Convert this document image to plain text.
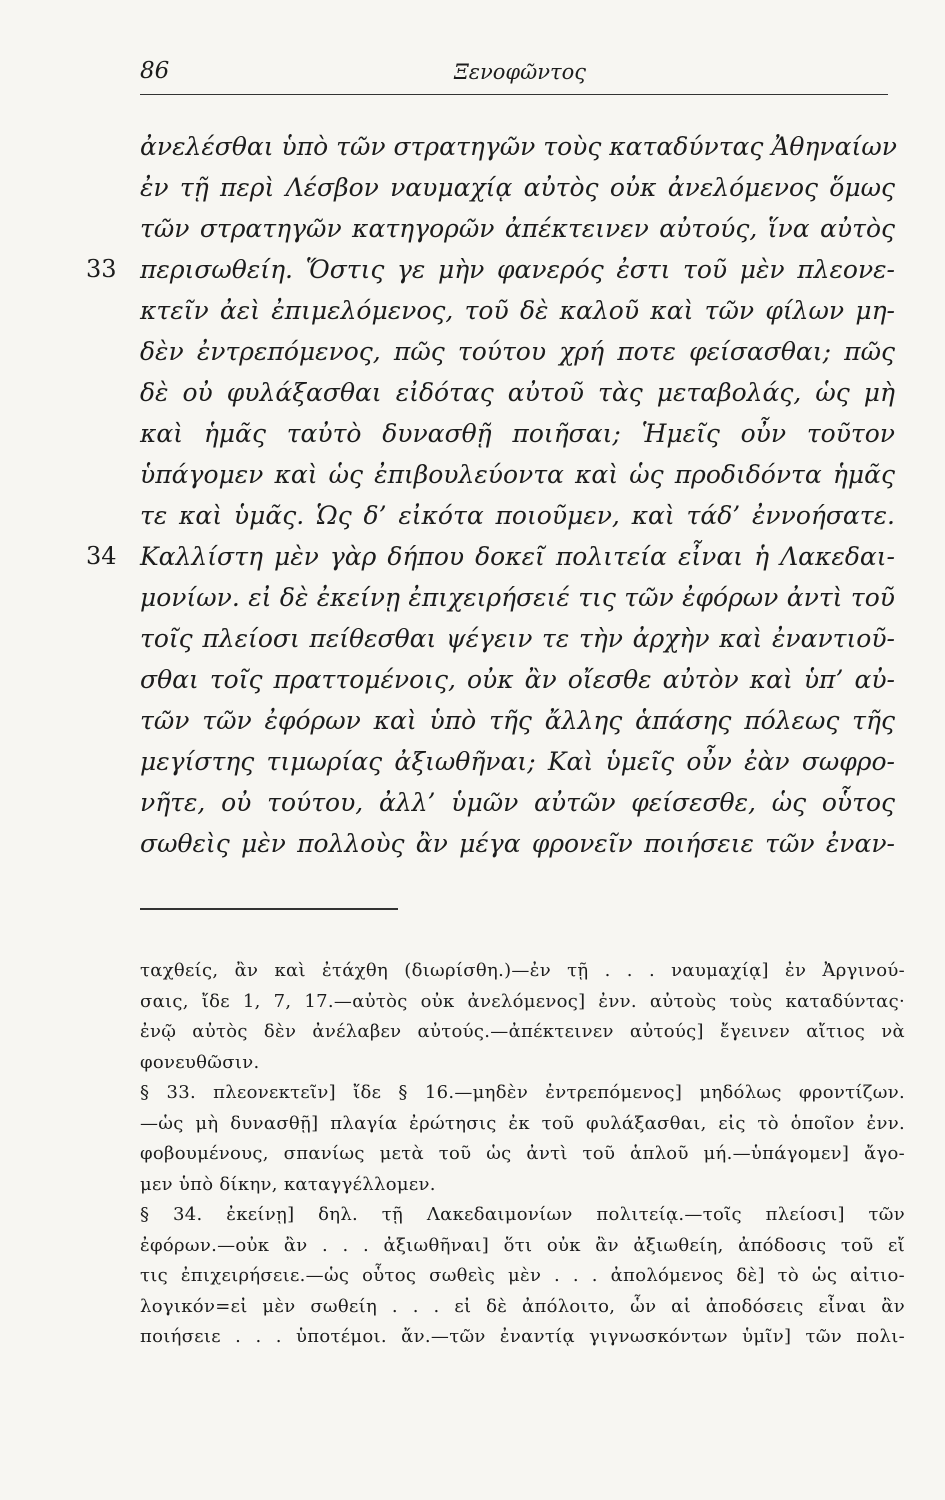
86	Ξενοφῶντος
ἀνελέσθαι ὑπὸ τῶν στρατηγῶν τοὺς καταδύντας Ἀθηναίων
ἐν τῇ περὶ Λέσβον ναυμαχίᾳ αὐτὸς οὐκ ἀνελόμενος ὅμως
τῶν στρατηγῶν κατηγορῶν ἀπέκτεινεν αὐτούς, ἵνα αὐτὸς
33 περισωθείη. Ὅστις γε μὴν φανερός ἐστι τοῦ μὲν πλεονε-
κτεῖν ἀεὶ ἐπιμελόμενος, τοῦ δὲ καλοῦ καὶ τῶν φίλων μη-
δὲν ἐντρεπόμενος, πῶς τούτου χρή ποτε φείσασθαι; πῶς
δὲ οὐ φυλάξασθαι εἰδότας αὐτοῦ τὰς μεταβολάς, ὡς μὴ
καὶ ἡμᾶς ταὐτὸ δυνασθῇ ποιῆσαι; Ἡμεῖς οὖν τοῦτον
ὑπάγομεν καὶ ὡς ἐπιβουλεύοντα καὶ ὡς προδιδόντα ἡμᾶς
τε καὶ ὑμᾶς. Ὡς δ’ εἰκότα ποιοῦμεν, καὶ τάδ’ ἐννοήσατε.
34 Καλλίστη μὲν γὰρ δήπου δοκεῖ πολιτεία εἶναι ἡ Λακεδαι-
μονίων. εἰ δὲ ἐκείνῃ ἐπιχειρήσειέ τις τῶν ἐφόρων ἀντὶ τοῦ
τοῖς πλείοσι πείθεσθαι ψέγειν τε τὴν ἀρχὴν καὶ ἐναντιοῦ-
σθαι τοῖς πραττομένοις, οὐκ ἂν οἴεσθε αὐτὸν καὶ ὑπ’ αὐ-
τῶν τῶν ἐφόρων καὶ ὑπὸ τῆς ἄλλης ἁπάσης πόλεως τῆς
μεγίστης τιμωρίας ἀξιωθῆναι; Καὶ ὑμεῖς οὖν ἐὰν σωφρο-
νῆτε, οὐ τούτου, ἀλλ’ ὑμῶν αὐτῶν φείσεσθε, ὡς οὗτος
σωθεὶς μὲν πολλοὺς ἂν μέγα φρονεῖν ποιήσειε τῶν ἐναν-
ταχθείς, ἂν καὶ ἐτάχθη (διωρίσθη.)—ἐν τῇ . . . ναυμαχίᾳ] ἐν Ἀργινού-
σαις, ἴδε 1, 7, 17.—αὐτὸς οὐκ ἀνελόμενος] ἐνν. αὐτοὺς τοὺς καταδύντας·
ἐνῷ αὐτὸς δὲν ἀνέλαβεν αὐτούς.—ἀπέκτεινεν αὐτούς] ἔγεινεν αἴτιος νὰ
φονευθῶσιν.
§ 33. πλεονεκτεῖν] ἴδε § 16.—μηδὲν ἐντρεπόμενος] μηδόλως φροντίζων.
—ὡς μὴ δυνασθῇ] πλαγία ἐρώτησις ἐκ τοῦ φυλάξασθαι, εἰς τὸ ὁποῖον ἐνν.
φοβουμένους, σπανίως μετὰ τοῦ ὡς ἀντὶ τοῦ ἁπλοῦ μή.—ὑπάγομεν] ἄγο-
μεν ὑπὸ δίκην, καταγγέλλομεν.
§ 34. ἐκείνῃ] δηλ. τῇ Λακεδαιμονίων πολιτείᾳ.—τοῖς πλείοσι] τῶν
ἐφόρων.—οὐκ ἂν . . . ἀξιωθῆναι] ὅτι οὐκ ἂν ἀξιωθείη, ἀπόδοσις τοῦ εἴ
τις ἐπιχειρήσειε.—ὡς οὗτος σωθεὶς μὲν . . . ἀπολόμενος δὲ] τὸ ὡς αἰτιο-
λογικόν=εἰ μὲν σωθείη . . . εἰ δὲ ἀπόλοιτο, ὧν αἱ ἀποδόσεις εἶναι ἂν
ποιήσειε . . . ὑποτέμοι. ἄν.—τῶν ἐναντίᾳ γιγνωσκόντων ὑμῖν] τῶν πολι-
